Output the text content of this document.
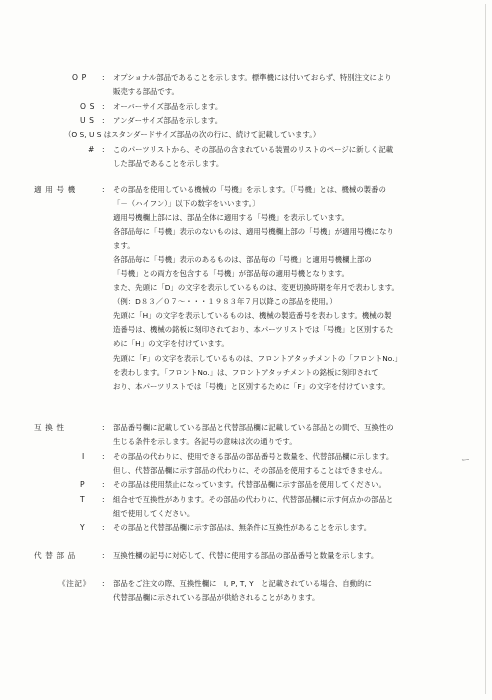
O P : オプショナル部品であることを示します。標準機には付いておらず、特別注文により
販売する部品です。
O S : オーバーサイズ部品を示します。
U S : アンダーサイズ部品を示します。
（O S, U S はスタンダードサイズ部品の次の行に、続けて記載しています。）
# : このパーツリストから、その部品の含まれている装置のリストのページに新しく記載
した部品であることを示します。
適 用 号 機	: その部品を使用している機械の「号機」を示します。〔「号機」とは、機械の製番の
「－（ハイフン）」以下の数字をいいます。〕
適用号機欄上部には、部品全体に適用する「号機」を表示しています。
各部品毎に「号機」表示のないものは、適用号機欄上部の「号機」が適用号機になり
ます。
各部品毎に「号機」表示のあるものは、部品毎の「号機」と適用号機欄上部の
「号機」との両方を包含する「号機」が部品毎の適用号機となります。
また、先頭に「D」の文字を表示しているものは、変更切換時期を年月で表わします。
（例：D８３／０７～・・・１９８３年７月以降この部品を使用。）
先頭に「H」の文字を表示しているものは、機械の製造番号を表わします。機械の製
造番号は、機械の銘板に刻印されており、本パーツリストでは「号機」と区別するた
めに「H」の文字を付けています。
先頭に「F」の文字を表示しているものは、フロントアタッチメントの「フロントNo.」
を表わします。「フロントNo.」は、フロントアタッチメントの銘板に刻印されて
おり、本パーツリストでは「号機」と区別するために「F」の文字を付けています。
互 換 性	: 部品番号欄に記載している部品と代替部品欄に記載している部品との間で、互換性の
生じる条件を示します。各記号の意味は次の通りです。
I : その部品の代わりに、使用できる部品の部品番号と数量を、代替部品欄に示します。
但し、代替部品欄に示す部品の代わりに、その部品を使用することはできません。
P : その部品は使用禁止になっています。代替部品欄に示す部品を使用してください。
T : 組合せで互換性があります。その部品の代わりに、代替部品欄に示す何点かの部品と
組で使用してください。
Y : その部品と代替部品欄に示す部品は、無条件に互換性があることを示します。
代 替 部 品	: 互換性欄の記号に対応して、代替に使用する部品の部品番号と数量を示します。
《注記》 : 部品をご注文の際、互換性欄に　I, P, T, Y　と記載されている場合、自動的に
代替部品欄に示されている部品が供給されることがあります。
ー
